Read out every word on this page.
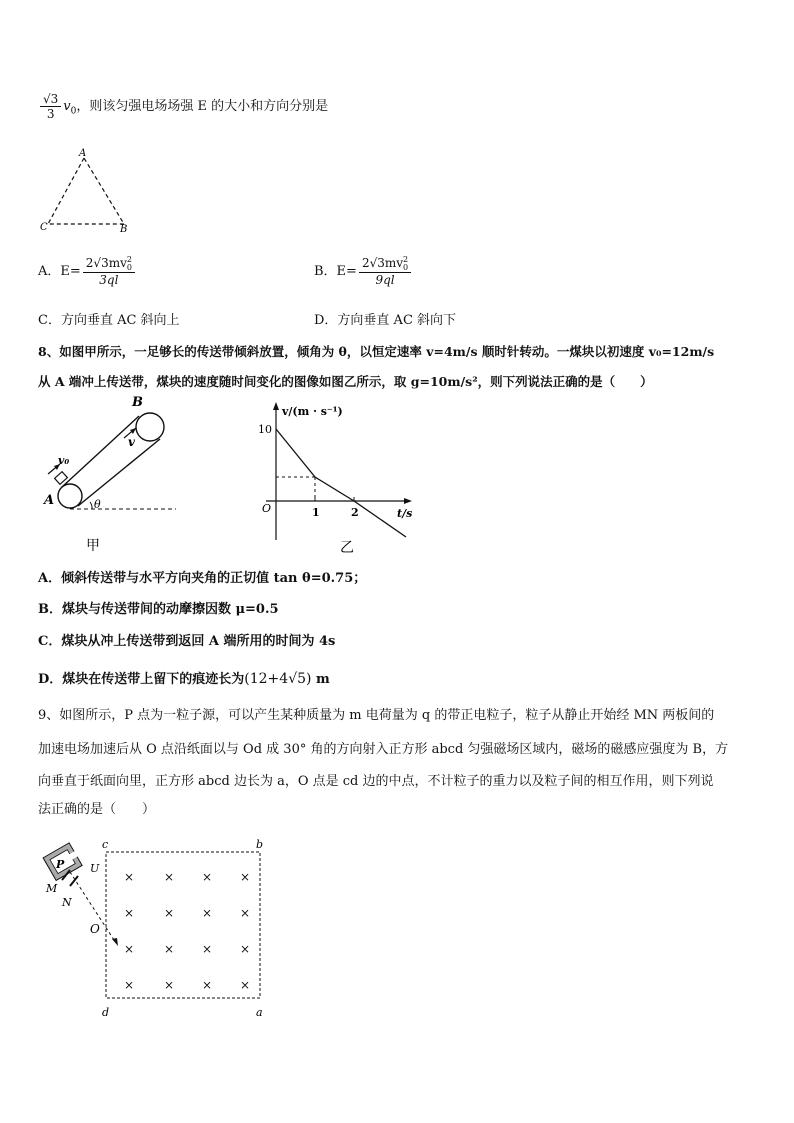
$\frac{√3}{3} v_0$，则该匀强电场场强 E 的大小和方向分别是
A
C	B
A．E= 2√3mv 2
0
3ql	B．E= 2√3mv 2
0
9ql
C．方向垂直 AC 斜向上	D．方向垂直 AC 斜向下
8、如图甲所示，一足够长的传送带倾斜放置，倾角为 θ，以恒定速率 v=4m/s 顺时针转动。一煤块以初速度 v₀=12m/s
从 A 端冲上传送带，煤块的速度随时间变化的图像如图乙所示，取 g=10m/s²，则下列说法正确的是（　　）
B
A
v₀
v
θ
甲
v/(m · s⁻¹)
10
O	1	2	t/s
乙
A．倾斜传送带与水平方向夹角的正切值 tan θ=0.75；
B．煤块与传送带间的动摩擦因数 μ=0.5
C．煤块从冲上传送带到返回 A 端所用的时间为 4s
D．煤块在传送带上留下的痕迹长为(12+4√5) m
9、如图所示，P 点为一粒子源，可以产生某种质量为 m 电荷量为 q 的带正电粒子，粒子从静止开始经 MN 两板间的
加速电场加速后从 O 点沿纸面以与 Od 成 30° 角的方向射入正方形 abcd 匀强磁场区域内，磁场的磁感应强度为 B，方
向垂直于纸面向里，正方形 abcd 边长为 a，O 点是 cd 边的中点，不计粒子的重力以及粒子间的相互作用，则下列说
法正确的是（　　）
c	b
d	a
× × × ×
× × × ×
× × × ×
× × × ×
P U
M
N
O
